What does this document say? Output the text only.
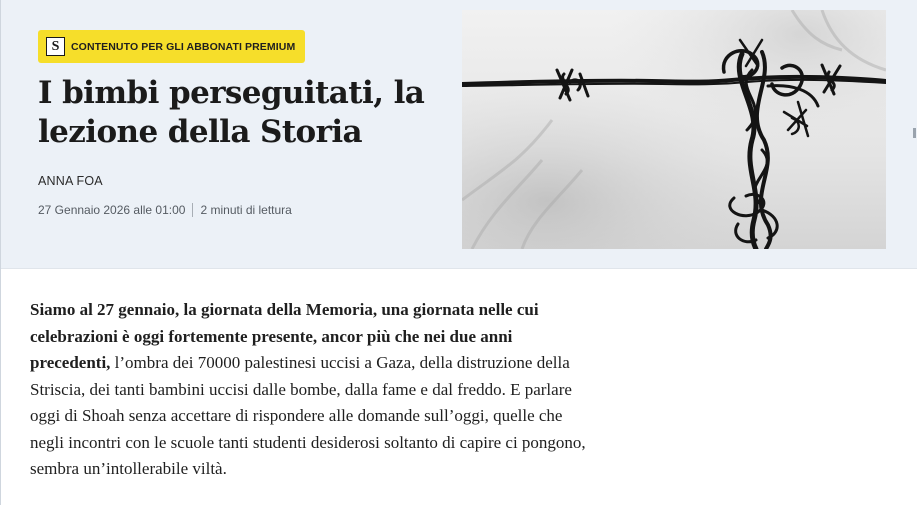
S	CONTENUTO PER GLI ABBONATI PREMIUM
I bimbi perseguitati, la lezione della Storia
ANNA FOA
27 Gennaio 2026 alle 01:00 2 minuti di lettura

Siamo al 27 gennaio, la giornata della Memoria, una giornata nelle cui celebrazioni è oggi fortemente presente, ancor più che nei due anni precedenti, l’ombra dei 70000 palestinesi uccisi a Gaza, della distruzione della Striscia, dei tanti bambini uccisi dalle bombe, dalla fame e dal freddo. E parlare oggi di Shoah senza accettare di rispondere alle domande sull’oggi, quelle che negli incontri con le scuole tanti studenti desiderosi soltanto di capire ci pongono, sembra un’intollerabile viltà.
